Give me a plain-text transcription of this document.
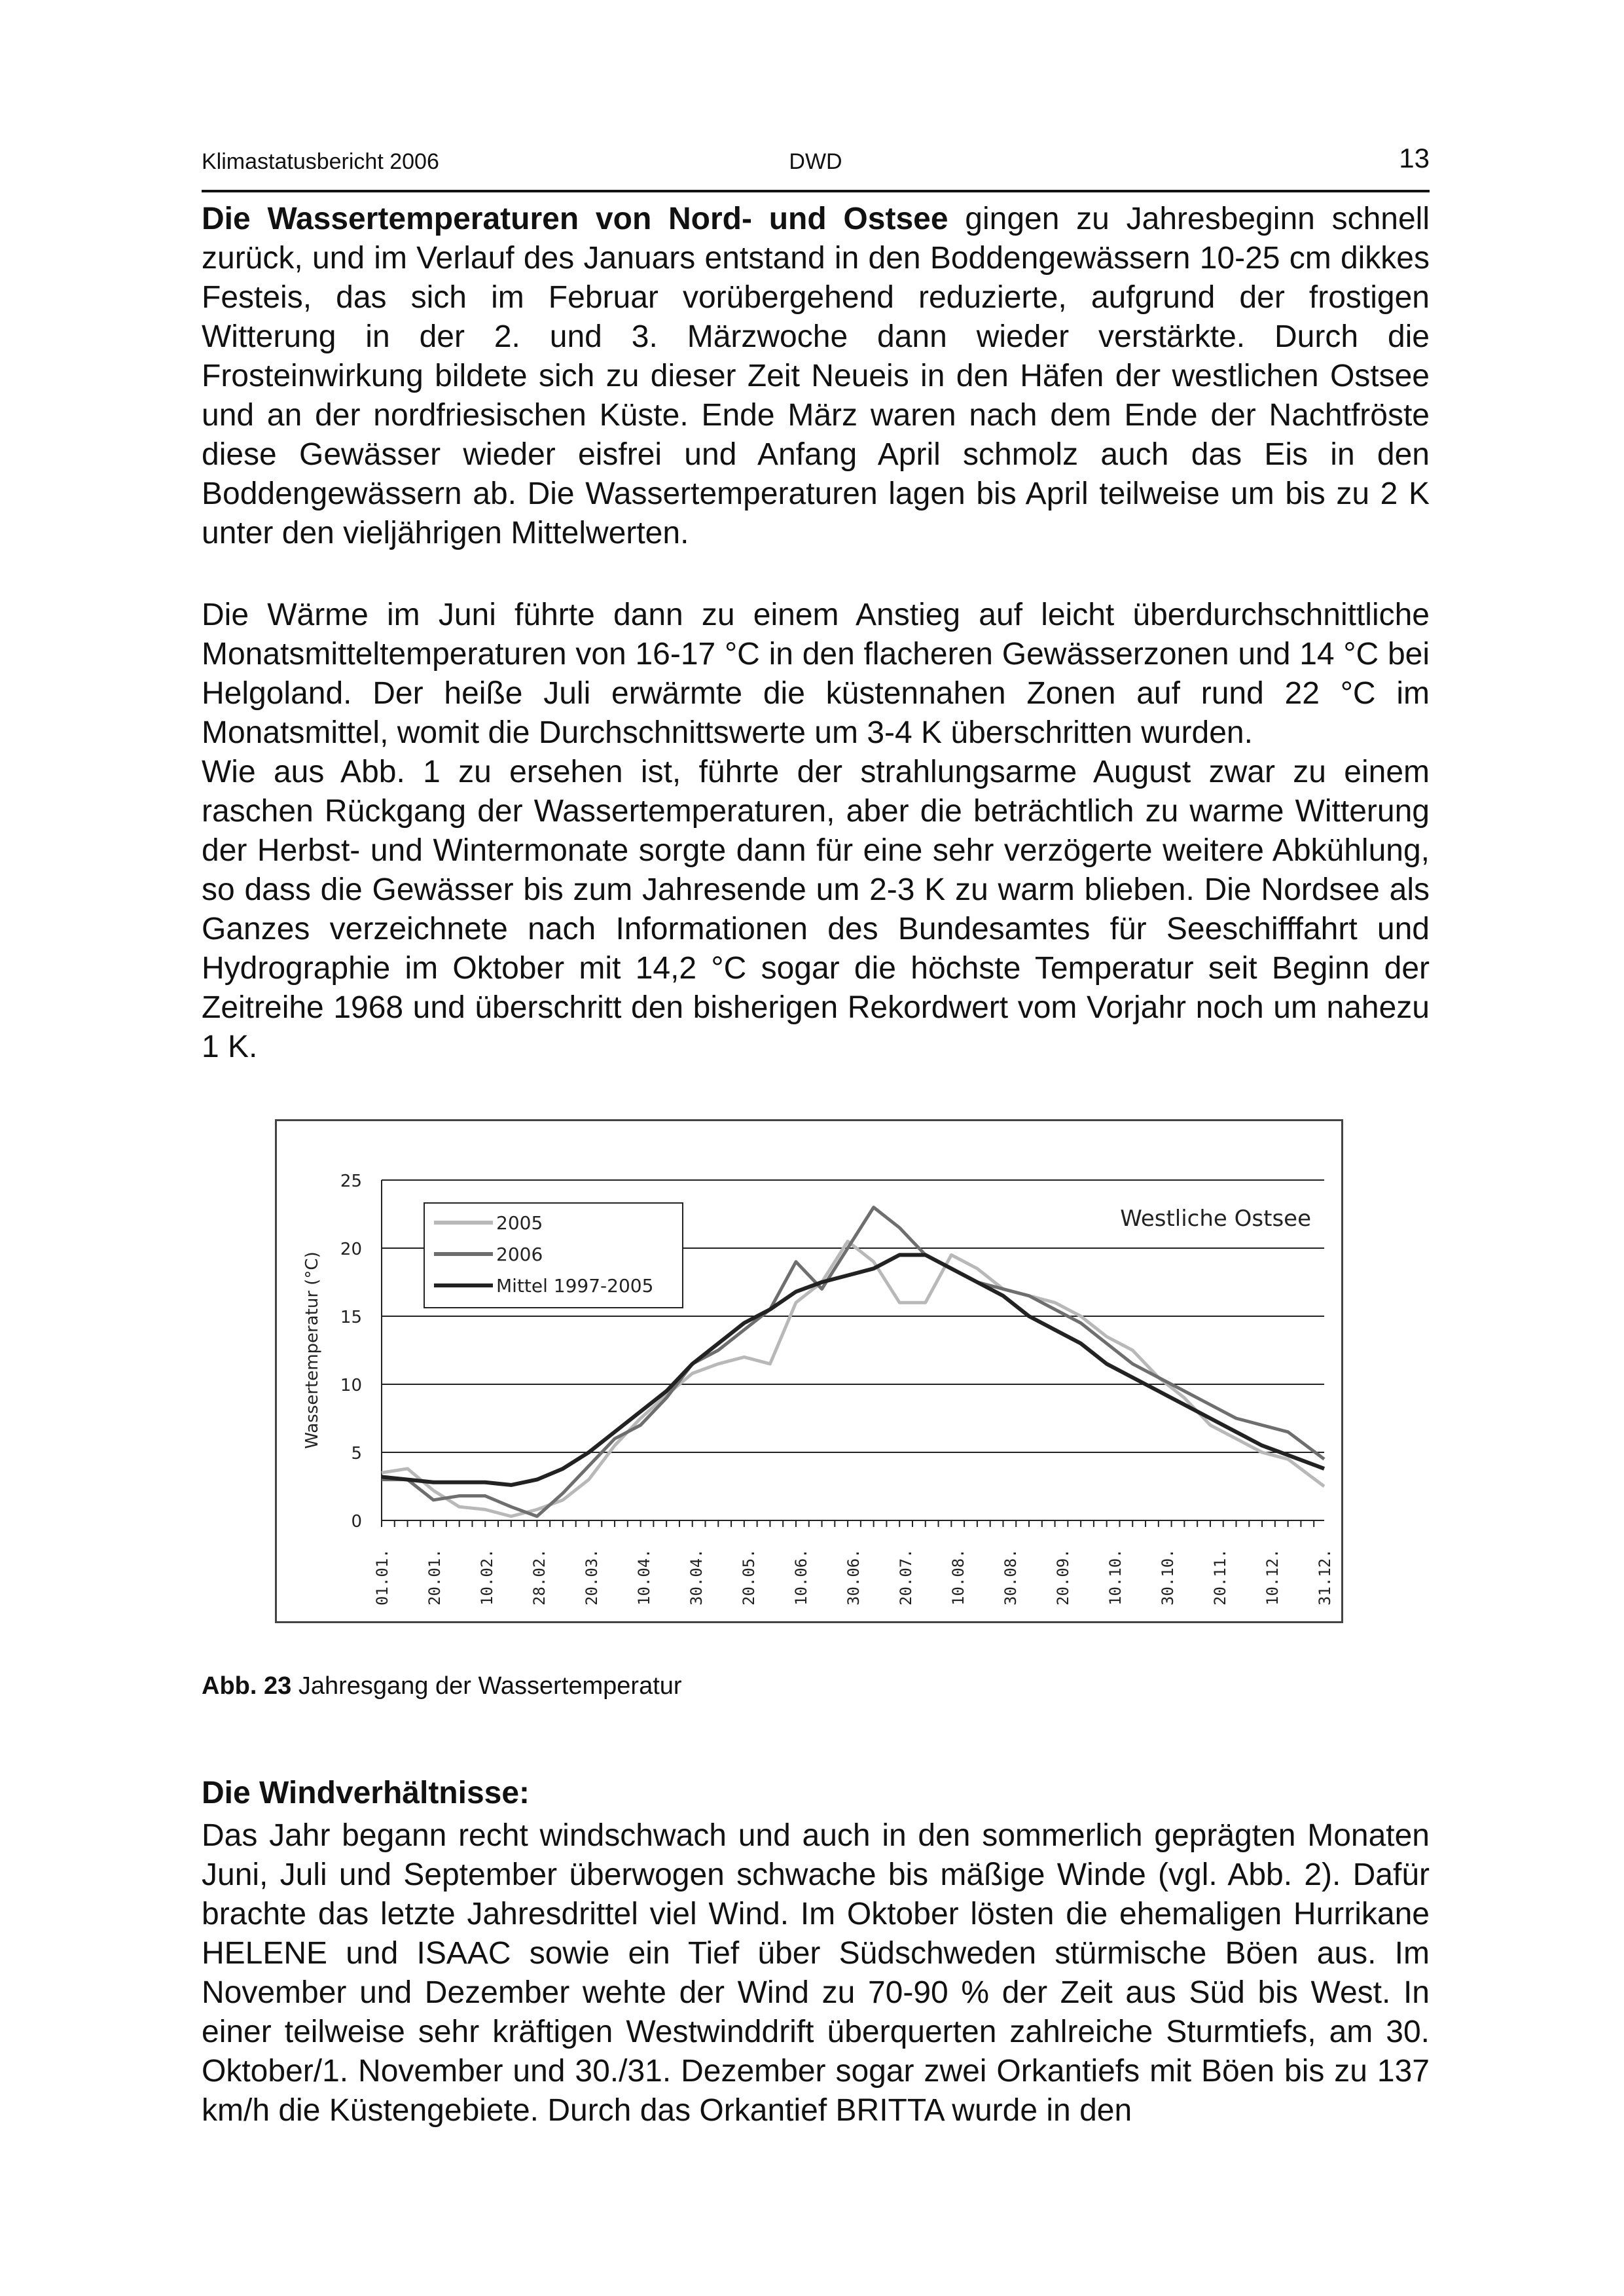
Klimastatusbericht 2006	DWD	13

Die Wassertemperaturen von Nord- und Ostsee gingen zu Jahresbeginn schnell zurück, und im Verlauf des Januars entstand in den Boddengewässern 10-25 cm dikkes Festeis, das sich im Februar vorübergehend reduzierte, aufgrund der frostigen Witterung in der 2. und 3. Märzwoche dann wieder verstärkte. Durch die Frosteinwirkung bildete sich zu dieser Zeit Neueis in den Häfen der westlichen Ostsee und an der nordfriesischen Küste. Ende März waren nach dem Ende der Nachtfröste diese Gewässer wieder eisfrei und Anfang April schmolz auch das Eis in den Boddengewässern ab. Die Wassertemperaturen lagen bis April teilweise um bis zu 2 K unter den vieljährigen Mittelwerten.

Die Wärme im Juni führte dann zu einem Anstieg auf leicht überdurchschnittliche Monatsmitteltemperaturen von 16-17 °C in den flacheren Gewässerzonen und 14 °C bei Helgoland. Der heiße Juli erwärmte die küstennahen Zonen auf rund 22 °C im Monatsmittel, womit die Durchschnittswerte um 3-4 K überschritten wurden.
Wie aus Abb. 1 zu ersehen ist, führte der strahlungsarme August zwar zu einem raschen Rückgang der Wassertemperaturen, aber die beträchtlich zu warme Witterung der Herbst- und Wintermonate sorgte dann für eine sehr verzögerte weitere Abkühlung, so dass die Gewässer bis zum Jahresende um 2-3 K zu warm blieben. Die Nordsee als Ganzes verzeichnete nach Informationen des Bundesamtes für Seeschifffahrt und Hydrographie im Oktober mit 14,2 °C sogar die höchste Temperatur seit Beginn der Zeitreihe 1968 und überschritt den bisherigen Rekordwert vom Vorjahr noch um nahezu 1 K.

0
5
10
15
20
25
01.01. 20.01. 10.02. 28.02. 20.03. 10.04. 30.04. 20.05. 10.06. 30.06. 20.07. 10.08. 30.08. 20.09. 10.10. 30.10. 20.11. 10.12. 31.12.
Wassertemperatur (°C)
Westliche Ostsee
2005
2006
Mittel 1997-2005
Abb. 23 Jahresgang der Wassertemperatur
Die Windverhältnisse:

Das Jahr begann recht windschwach und auch in den sommerlich geprägten Monaten Juni, Juli und September überwogen schwache bis mäßige Winde (vgl. Abb. 2). Dafür brachte das letzte Jahresdrittel viel Wind. Im Oktober lösten die ehemaligen Hurrikane HELENE und ISAAC sowie ein Tief über Südschweden stürmische Böen aus. Im November und Dezember wehte der Wind zu 70-90 % der Zeit aus Süd bis West. In einer teilweise sehr kräftigen Westwinddrift überquerten zahlreiche Sturmtiefs, am 30. Oktober/1. November und 30./31. Dezember sogar zwei Orkantiefs mit Böen bis zu 137 km/h die Küstengebiete. Durch das Orkantief BRITTA wurde in den
